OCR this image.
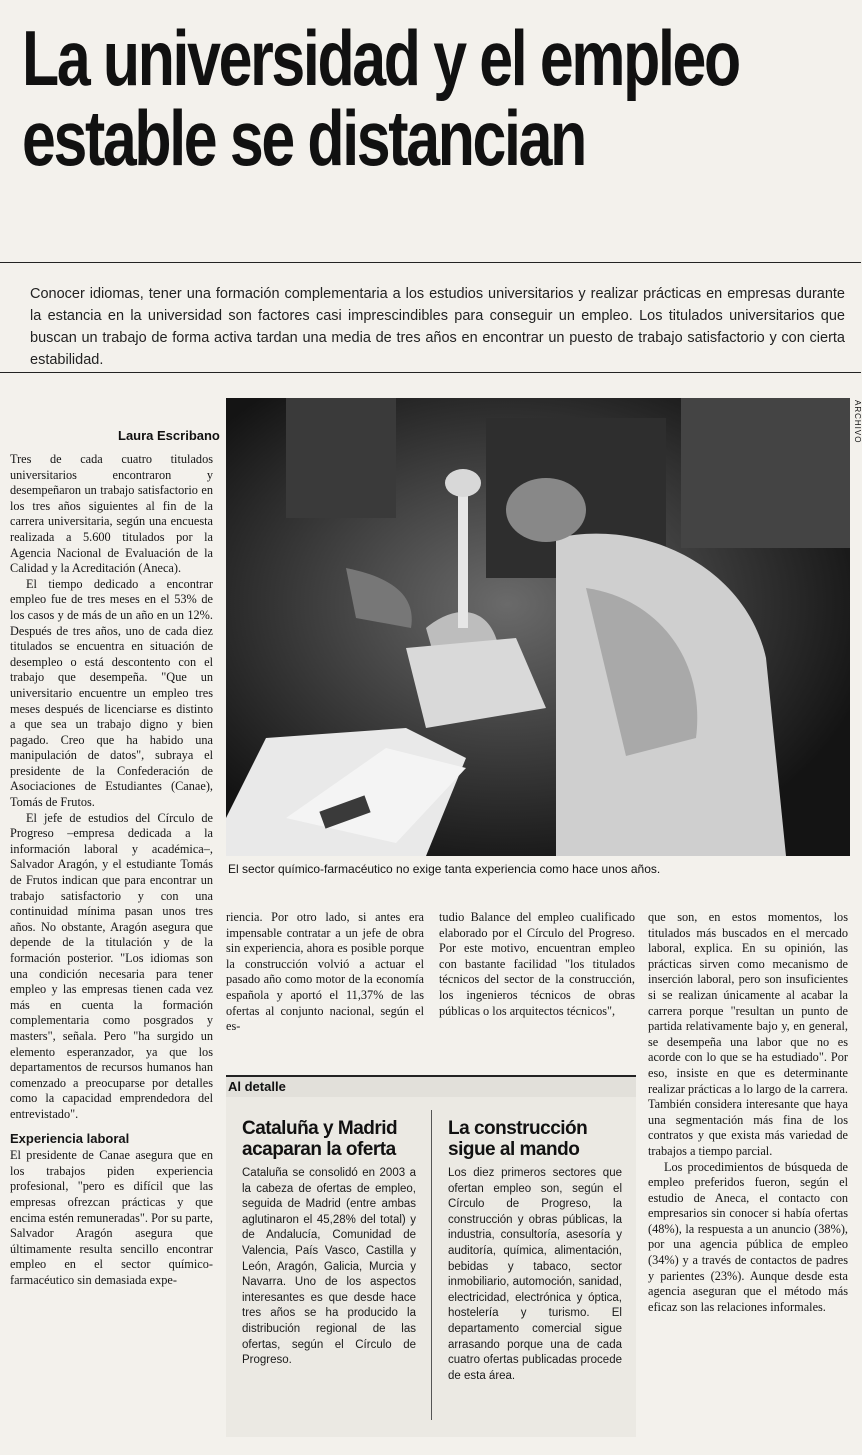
La universidad y el empleo
estable se distancian
Conocer idiomas, tener una formación complementaria a los estudios universitarios y realizar prácticas en empresas durante la estancia en la universidad son factores casi imprescindibles para conseguir un empleo. Los titulados universitarios que buscan un trabajo de forma activa tardan una media de tres años en encontrar un puesto de trabajo satisfactorio y con cierta estabilidad.
Laura Escribano

Tres de cada cuatro titulados universitarios encontraron y desempeñaron un trabajo satisfactorio en los tres años siguientes al fin de la carrera universitaria, según una encuesta realizada a 5.600 titulados por la Agencia Nacional de Evaluación de la Calidad y la Acreditación (Aneca).

El tiempo dedicado a encontrar empleo fue de tres meses en el 53% de los casos y de más de un año en un 12%. Después de tres años, uno de cada diez titulados se encuentra en situación de desempleo o está descontento con el trabajo que desempeña. "Que un universitario encuentre un empleo tres meses después de licenciarse es distinto a que sea un trabajo digno y bien pagado. Creo que ha habido una manipulación de datos", subraya el presidente de la Confederación de Asociaciones de Estudiantes (Canae), Tomás de Frutos.

El jefe de estudios del Círculo de Progreso –empresa dedicada a la información laboral y académica–, Salvador Aragón, y el estudiante Tomás de Frutos indican que para encontrar un trabajo satisfactorio y con una continuidad mínima pasan unos tres años. No obstante, Aragón asegura que depende de la titulación y de la formación posterior. "Los idiomas son una condición necesaria para tener empleo y las empresas tienen cada vez más en cuenta la formación complementaria como posgrados y masters", señala. Pero "ha surgido un elemento esperanzador, ya que los departamentos de recursos humanos han comenzado a preocuparse por detalles como la capacidad emprendedora del entrevistado".

Experiencia laboral

El presidente de Canae asegura que en los trabajos piden experiencia profesional, "pero es difícil que las empresas ofrezcan prácticas y que encima estén remuneradas". Por su parte, Salvador Aragón asegura que últimamente resulta sencillo encontrar empleo en el sector químico-farmacéutico sin demasiada expe-

ARCHIVO
El sector químico-farmacéutico no exige tanta experiencia como hace unos años.

riencia. Por otro lado, si antes era impensable contratar a un jefe de obra sin experiencia, ahora es posible porque la construcción volvió a actuar el pasado año como motor de la economía española y aportó el 11,37% de las ofertas al conjunto nacional, según el es-

tudio Balance del empleo cualificado elaborado por el Círculo del Progreso. Por este motivo, encuentran empleo con bastante facilidad "los titulados técnicos del sector de la construcción, los ingenieros técnicos de obras públicas o los arquitectos técnicos",

que son, en estos momentos, los titulados más buscados en el mercado laboral, explica. En su opinión, las prácticas sirven como mecanismo de inserción laboral, pero son insuficientes si se realizan únicamente al acabar la carrera porque "resultan un punto de partida relativamente bajo y, en general, se desempeña una labor que no es acorde con lo que se ha estudiado". Por eso, insiste en que es determinante realizar prácticas a lo largo de la carrera. También considera interesante que haya una segmentación más fina de los contratos y que exista más variedad de trabajos a tiempo parcial.

Los procedimientos de búsqueda de empleo preferidos fueron, según el estudio de Aneca, el contacto con empresarios sin conocer si había ofertas (48%), la respuesta a un anuncio (38%), por una agencia pública de empleo (34%) y a través de contactos de padres y parientes (23%). Aunque desde esta agencia aseguran que el método más eficaz son las relaciones informales.

Al detalle
Cataluña y Madrid acaparan la oferta
Cataluña se consolidó en 2003 a la cabeza de ofertas de empleo, seguida de Madrid (entre ambas aglutinaron el 45,28% del total) y de Andalucía, Comunidad de Valencia, País Vasco, Castilla y León, Aragón, Galicia, Murcia y Navarra. Uno de los aspectos interesantes es que desde hace tres años se ha producido la distribución regional de las ofertas, según el Círculo de Progreso.
La construcción sigue al mando
Los diez primeros sectores que ofertan empleo son, según el Círculo de Progreso, la construcción y obras públicas, la industria, consultoría, asesoría y auditoría, química, alimentación, bebidas y tabaco, sector inmobiliario, automoción, sanidad, electricidad, electrónica y óptica, hostelería y turismo. El departamento comercial sigue arrasando porque una de cada cuatro ofertas publicadas procede de esta área.
